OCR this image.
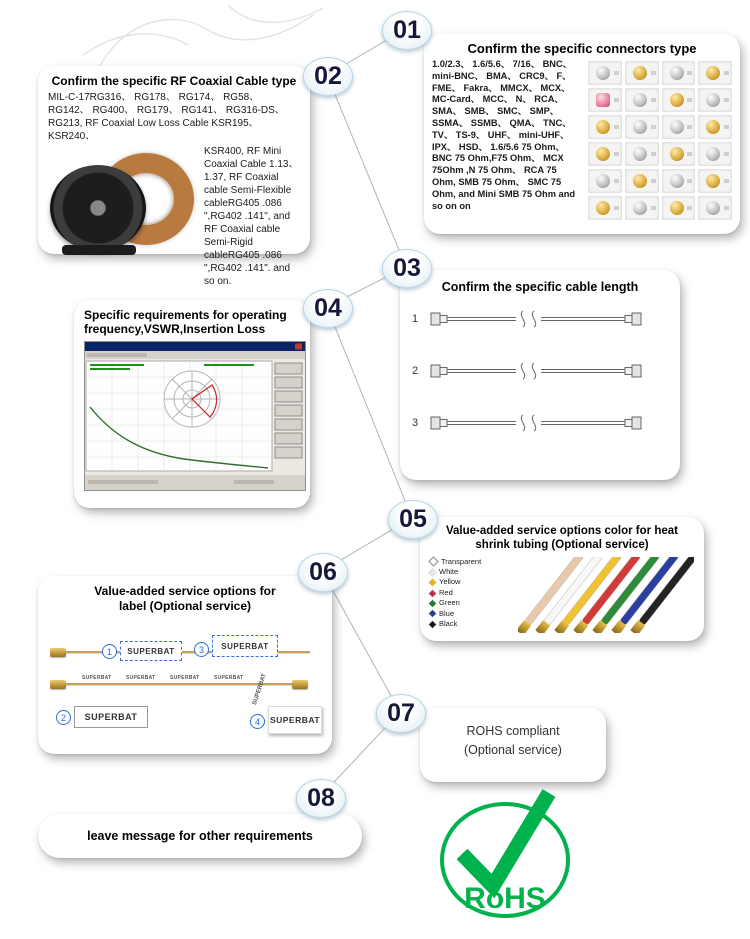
01
02
03
04
05
06
07
08
Confirm the specific connectors type
1.0/2.3、 1.6/5.6、 7/16、 BNC、 mini-BNC、 BMA、 CRC9、 F、 FME、 Fakra、 MMCX、 MCX、 MC-Card、 MCC、 N、 RCA、 SMA、 SMB、 SMC、 SMP、 SSMA、 SSMB、 QMA、 TNC、 TV、 TS-9、 UHF、 mini-UHF、 IPX、 HSD、 1.6/5.6 75 Ohm、 BNC 75 Ohm,F75 Ohm、 MCX 75Ohm ,N 75 Ohm、 RCA 75 Ohm, SMB 75 Ohm、 SMC 75 Ohm, and Mini SMB 75 Ohm and so on on
Confirm the specific RF Coaxial Cable type
MIL-C-17RG316、 RG178、 RG174、 RG58、 RG142、 RG400、 RG179、 RG141、 RG316-DS、 RG213, RF Coaxial Low Loss Cable KSR195、 KSR240、
KSR400, RF Mini Coaxial Cable 1.13、 1.37, RF Coaxial cable Semi-Flexible cableRG405 .086 ",RG402 .141", and RF Coaxial cable Semi-Rigid cableRG405 .086 ",RG402 .141". and so on.	Confirm the specific cable length
1
2
3
Specific requirements for operating frequency,VSWR,Insertion Loss
Value-added service options color for heat shrink tubing (Optional service)
Transparent
White
Yellow
Red
Green
Blue
Black
Value-added service options for label (Optional service)
1	SUPERBAT	3	SUPERBAT
SUPERBAT	SUPERBAT	SUPERBAT	SUPERBAT SUPERBAT
2	SUPERBAT	4	SUPERBAT
ROHS compliant
(Optional service)
RoHS
leave message for other requirements
